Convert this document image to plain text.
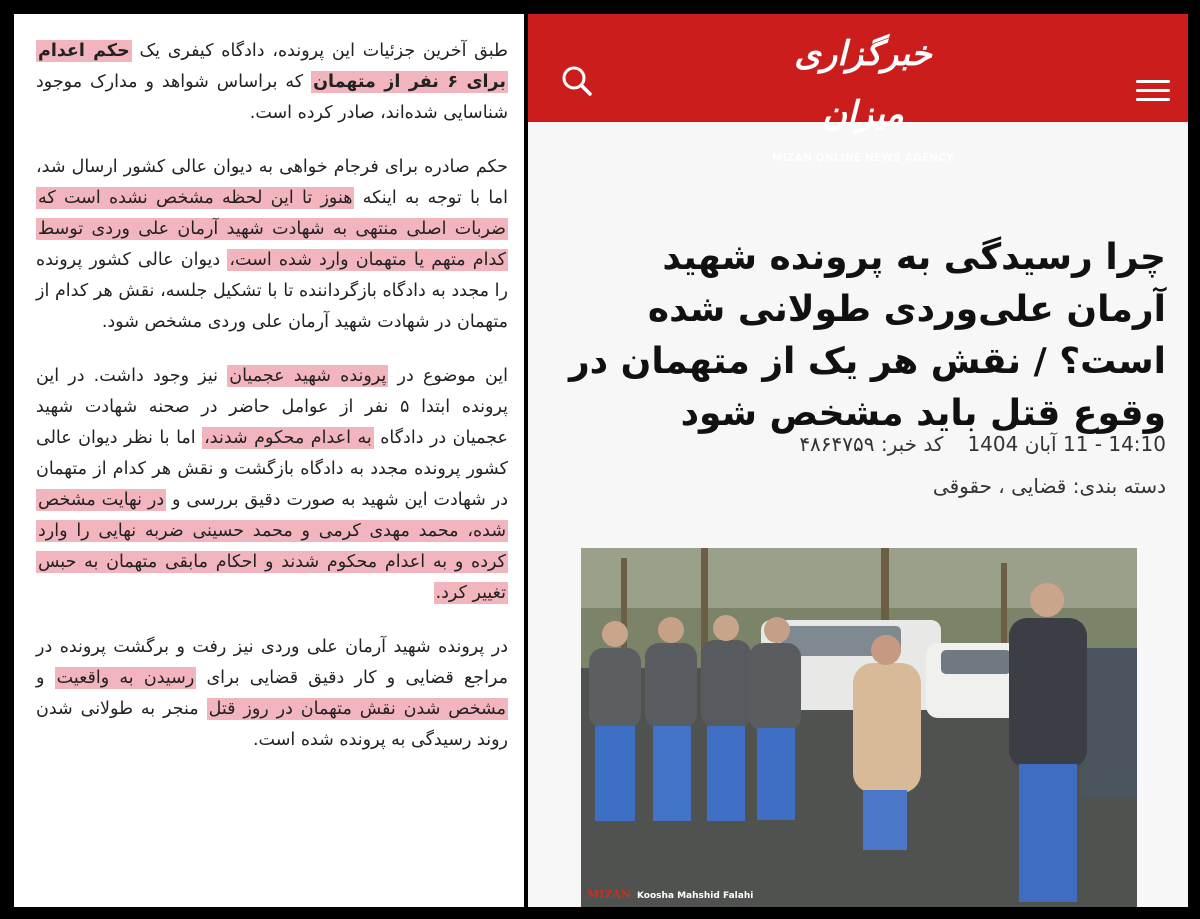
طبق آخرین جزئیات این پرونده، دادگاه کیفری یک حکم اعدام برای ۶ نفر از متهمان که براساس شواهد و مدارک موجود شناسایی شده‌اند، صادر کرده است.

حکم صادره برای فرجام خواهی به دیوان عالی کشور ارسال شد، اما با توجه به اینکه هنوز تا این لحظه مشخص نشده است که ضربات اصلی منتهی به شهادت شهید آرمان علی وردی توسط کدام متهم یا متهمان وارد شده است، دیوان عالی کشور پرونده را مجدد به دادگاه بازگرداننده تا با تشکیل جلسه، نقش هر کدام از متهمان در شهادت شهید آرمان علی وردی مشخص شود.

این موضوع در پرونده شهید عجمیان نیز وجود داشت. در این پرونده ابتدا ۵ نفر از عوامل حاضر در صحنه شهادت شهید عجمیان در دادگاه به اعدام محکوم شدند، اما با نظر دیوان عالی کشور پرونده مجدد به دادگاه بازگشت و نقش هر کدام از متهمان در شهادت این شهید به صورت دقیق بررسی و در نهایت مشخص شده، محمد مهدی کرمی و محمد حسینی ضربه نهایی را وارد کرده و به اعدام محکوم شدند و احکام مابقی متهمان به حبس تغییر کرد.

در پرونده شهید آرمان علی وردی نیز رفت و برگشت پرونده در مراجع قضایی و کار دقیق قضایی برای رسیدن به واقعیت و مشخص شدن نقش متهمان در روز قتل منجر به طولانی شدن روند رسیدگی به پرونده شده است.

خبرگزاری میزان
MIZAN ONLINE NEWS AGENCY
چرا رسیدگی به پرونده شهید آرمان علی‌وردی طولانی شده است؟ / نقش هر یک از متهمان در وقوع قتل باید مشخص شود
14:10 - 11 آبان 1404کد خبر: ۴۸۶۴۷۵۹
دسته بندی: قضایی ، حقوقی
MIZAN Koosha Mahshid Falahi
